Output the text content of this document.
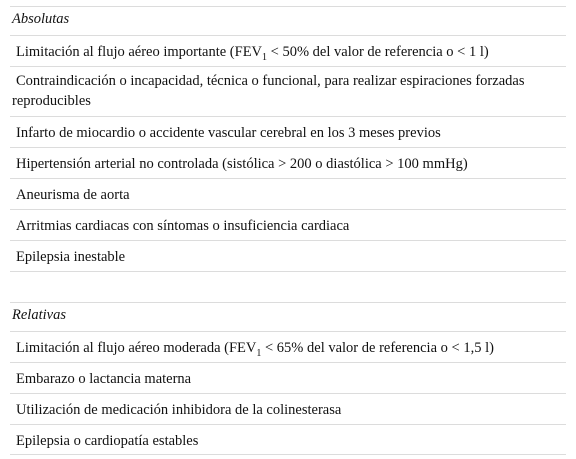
Absolutas
Limitación al flujo aéreo importante ($FEV_1 < 50\%$ del valor de referencia o < 1 l)
Contraindicación o incapacidad, técnica o funcional, para realizar espiraciones forzadas reproducibles
Infarto de miocardio o accidente vascular cerebral en los 3 meses previos
Hipertensión arterial no controlada (sistólica > 200 o diastólica > 100 mmHg)
Aneurisma de aorta
Arritmias cardiacas con síntomas o insuficiencia cardiaca
Epilepsia inestable
Relativas
Limitación al flujo aéreo moderada ($FEV_1 < 65\%$ del valor de referencia o < 1,5 l)
Embarazo o lactancia materna
Utilización de medicación inhibidora de la colinesterasa
Epilepsia o cardiopatía estables
